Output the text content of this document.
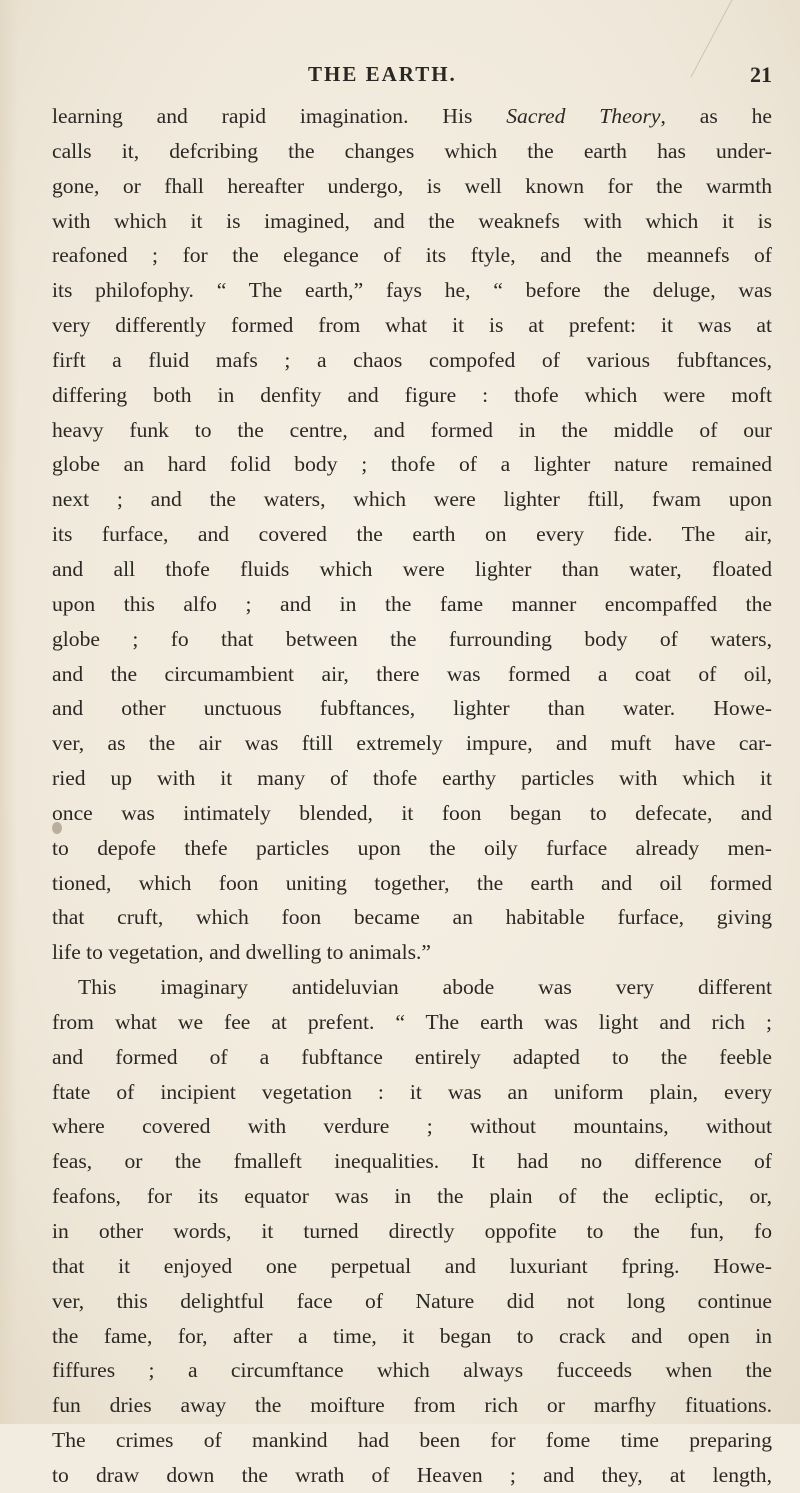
THE EARTH.	21
learning and rapid imagination. His Sacred Theory, as he
calls it, defcribing the changes which the earth has under-
gone, or fhall hereafter undergo, is well known for the warmth
with which it is imagined, and the weaknefs with which it is
reafoned ; for the elegance of its ftyle, and the meannefs of
its philofophy. “ The earth,” fays he, “ before the deluge, was
very differently formed from what it is at prefent: it was at
firft a fluid mafs ; a chaos compofed of various fubftances,
differing both in denfity and figure : thofe which were moft
heavy funk to the centre, and formed in the middle of our
globe an hard folid body ; thofe of a lighter nature remained
next ; and the waters, which were lighter ftill, fwam upon
its furface, and covered the earth on every fide. The air,
and all thofe fluids which were lighter than water, floated
upon this alfo ; and in the fame manner encompaffed the
globe ; fo that between the furrounding body of waters,
and the circumambient air, there was formed a coat of oil,
and other unctuous fubftances, lighter than water. Howe-
ver, as the air was ftill extremely impure, and muft have car-
ried up with it many of thofe earthy particles with which it
once was intimately blended, it foon began to defecate, and
to depofe thefe particles upon the oily furface already men-
tioned, which foon uniting together, the earth and oil formed
that cruft, which foon became an habitable furface, giving
life to vegetation, and dwelling to animals.”
This imaginary antideluvian abode was very different
from what we fee at prefent. “ The earth was light and rich ;
and formed of a fubftance entirely adapted to the feeble
ftate of incipient vegetation : it was an uniform plain, every
where covered with verdure ; without mountains, without
feas, or the fmalleft inequalities. It had no difference of
feafons, for its equator was in the plain of the ecliptic, or,
in other words, it turned directly oppofite to the fun, fo
that it enjoyed one perpetual and luxuriant fpring. Howe-
ver, this delightful face of Nature did not long continue
the fame, for, after a time, it began to crack and open in
fiffures ; a circumftance which always fucceeds when the
fun dries away the moifture from rich or marfhy fituations.
The crimes of mankind had been for fome time preparing
to draw down the wrath of Heaven ; and they, at length,
